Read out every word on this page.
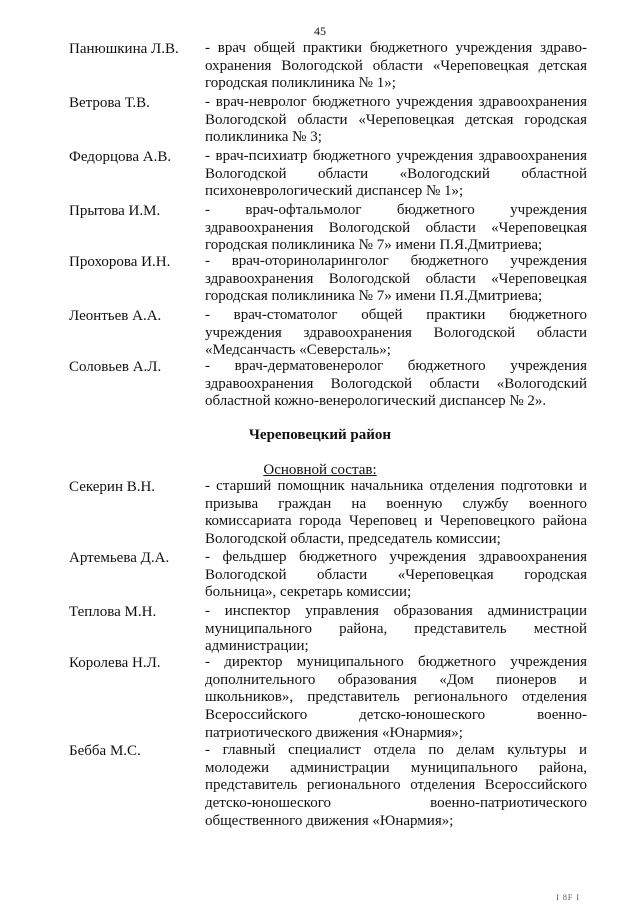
45
Панюшкина Л.В. - врач общей практики бюджетного учреждения здраво-
охранения Вологодской области «Череповецкая детская
городская поликлиника № 1»;
Ветрова Т.В.	- врач-невролог бюджетного учреждения здравоохранения
Вологодской области «Череповецкая детская городская
поликлиника № 3;
Федорцова А.В. - врач-психиатр бюджетного учреждения здравоохранения
Вологодской области «Вологодский областной
психоневрологический диспансер № 1»;
Прытова И.М.	- врач-офтальмолог бюджетного учреждения
здравоохранения Вологодской области «Череповецкая
городская поликлиника № 7» имени П.Я.Дмитриева;
Прохорова И.Н. - врач-оториноларинголог бюджетного учреждения
здравоохранения Вологодской области «Череповецкая
городская поликлиника № 7» имени П.Я.Дмитриева;
Леонтьев А.А.	- врач-стоматолог общей практики бюджетного
учреждения здравоохранения Вологодской области
«Медсанчасть «Северсталь»;
Соловьев А.Л.	- врач-дерматовенеролог бюджетного учреждения
здравоохранения Вологодской области «Вологодский
областной кожно-венерологический диспансер № 2».
Череповецкий район
Основной состав:
Секерин В.Н.	- старший помощник начальника отделения подготовки и
призыва граждан на военную службу военного
комиссариата города Череповец и Череповецкого района
Вологодской области, председатель комиссии;
Артемьева Д.А. - фельдшер бюджетного учреждения здравоохранения
Вологодской области «Череповецкая городская
больница», секретарь комиссии;
Теплова М.Н.	- инспектор управления образования администрации
муниципального района, представитель местной
администрации;
Королева Н.Л.	- директор муниципального бюджетного учреждения
дополнительного образования «Дом пионеров и
школьников», представитель регионального отделения
Всероссийского детско-юношеского военно-
патриотического движения «Юнармия»;
Бебба М.С.	- главный специалист отдела по делам культуры и
молодежи администрации муниципального района,
представитель регионального отделения Всероссийского
детско-юношеского военно-патриотического
общественного движения «Юнармия»;
I 8F I
